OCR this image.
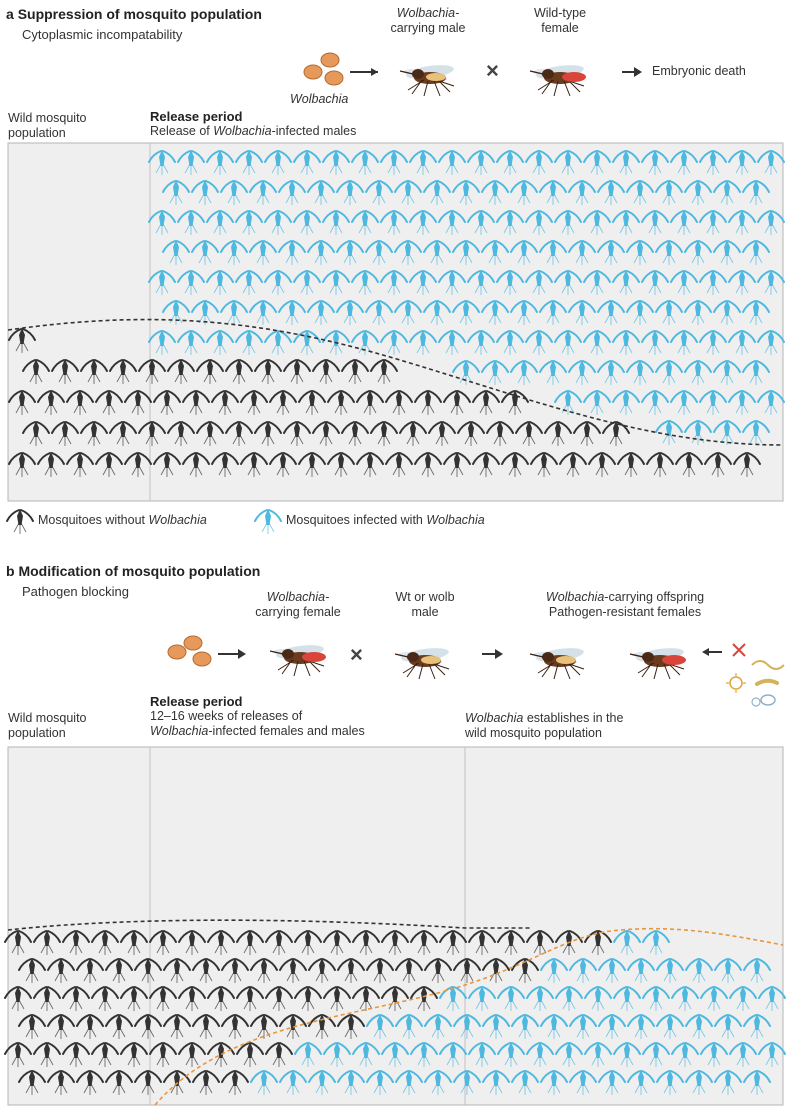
a Suppression of mosquito population
Cytoplasmic incompatability
Wolbachia-
carrying male
Wild-type
female
Wolbachia
×	Embryonic death
Wild mosquito
population
Release period
Release of Wolbachia-infected males
Mosquitoes without Wolbachia	Mosquitoes infected with Wolbachia
b Modification of mosquito population
Pathogen blocking	Wolbachia-
carrying female
×
Wt or wolb
male
Wolbachia-carrying offspring
Pathogen-resistant females
Wild mosquito
population
Release period
12–16 weeks of releases of
Wolbachia-infected females and males
Wolbachia establishes in the
wild mosquito population
